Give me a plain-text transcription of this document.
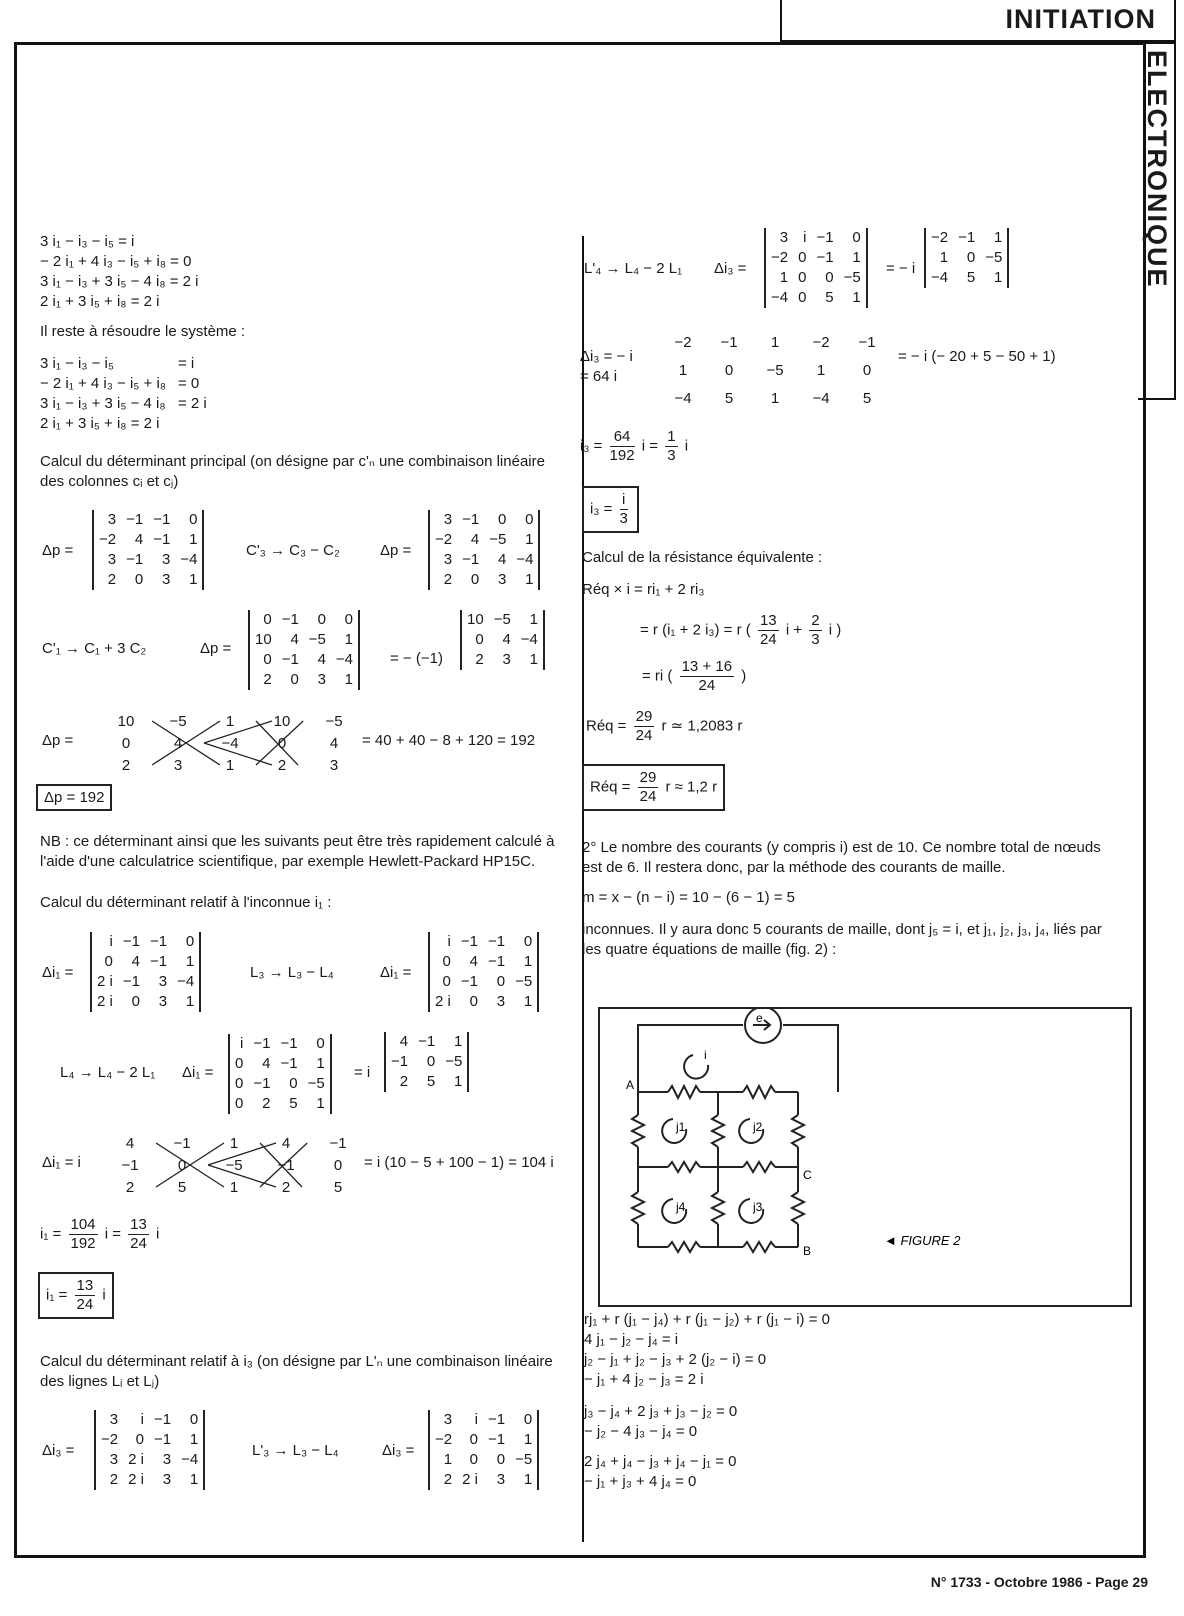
INITIATION
ELECTRONIQUE
N° 1733 - Octobre 1986 - Page 29
3 i₁ − i₃ − i₅ = i
− 2 i₁ + 4 i₃ − i₅ + i₈ = 0
3 i₁ − i₃ + 3 i₅ − 4 i₈ = 2 i
2 i₁ + 3 i₅ + i₈ = 2 i
Il reste à résoudre le système :
3 i₁ − i₃ − i₅	= i
− 2 i₁ + 4 i₃ − i₅ + i₈ = 0
3 i₁ − i₃ + 3 i₅ − 4 i₈ = 2 i
2 i₁ + 3 i₅ + i₈ = 2 i
Calcul du déterminant principal (on désigne par c'ₙ une combinaison linéaire
des colonnes cᵢ et cⱼ)
Δp =
3	−1	−1	0
−2	4	−1	1
3	−1	3	−4
2	0	3	1
C'₃ → C₃ − C₂	Δp =
3	−1	0	0
−2	4	−5	1
3	−1	4	−4
2	0	3	1
C'₁ → C₁ + 3 C₂	Δp =
0	−1	0	0
10	4	−5	1
0	−1	4	−4
2	0	3	1
= − (−1)
10	−5	1
0	4	−4
2	3	1
Δp =
10 −5	1	10 −5
0	4	−4	0	4
2	3	1	2	3
= 40 + 40 − 8 + 120 = 192
Δp = 192
NB : ce déterminant ainsi que les suivants peut être très rapidement calculé à
l'aide d'une calculatrice scientifique, par exemple Hewlett-Packard HP15C.
Calcul du déterminant relatif à l'inconnue i₁ :
Δi₁ =
i	−1	−1	0
0	4	−1	1
2 i	−1	3	−4
2 i	0	3	1
L₃ → L₃ − L₄	Δi₁ =
i	−1	−1	0
0	4	−1	1
0	−1	0	−5
2 i	0	3	1
L₄ → L₄ − 2 L₁ Δi₁ =
i	−1	−1	0
0	4	−1	1
0	−1	0	−5
0	2	5	1
= i
4	−1	1
−1	0	−5
2	5	1
Δi₁ = i
4	−1	1	4	−1
−1	0	−5 −1	0
2	5	1	2	5
= i (10 − 5 + 100 − 1) = 104 i
$i_1 = \frac{104}{192}$ $i = \frac{13}{24}$ i
$i_1 = \frac{13}{24}$ i
Calcul du déterminant relatif à i₃ (on désigne par L'ₙ une combinaison linéaire
des lignes Lᵢ et Lⱼ)
Δi₃ =
3	i	−1	0
−2	0	−1	1
3	2 i	3	−4
2	2 i	3	1
L'₃ → L₃ − L₄	Δi₃ =
3	i	−1	0
−2	0	−1	1
1	0	0	−5
2	2 i	3	1
L'₄ → L₄ − 2 L₁ Δi₃ =
3	i	−1	0
−2	0	−1	1
1	0	0	−5
−4	0	5	1
= − i
−2	−1	1
1	0	−5
−4	5	1
Δi₃ = − i
−2 −1 1 −2 −1
1	0 −5 1	0
−4 5	1 −4 5
= − i (− 20 + 5 − 50 + 1)
= 64 i
$i_3 = \frac{64}{192}$ $i = \frac{1}{3}$ i
$i_3 = \frac{i}{3}$
Calcul de la résistance équivalente :
Réq × i = ri₁ + 2 ri₃
= r (i₁ + 2 i₃) = r ( $\frac{13}{24}$ $i + \frac{2}{3}$ i )
= ri ( $\frac{13 + 16}{24}$ )
Réq = $\frac{29}{24}$ r ≃ 1,2083 r
Réq = $\frac{29}{24}$ r ≈ 1,2 r
2° Le nombre des courants (y compris i) est de 10. Ce nombre total de nœuds
est de 6. Il restera donc, par la méthode des courants de maille.
m = x − (n − i) = 10 − (6 − 1) = 5
inconnues. Il y aura donc 5 courants de maille, dont j₅ = i, et j₁, j₂, j₃, j₄, liés par
les quatre équations de maille (fig. 2) :
e
i
A
C
B
j1	j2
j4	j3
◄ FIGURE 2
rj₁ + r (j₁ − j₄) + r (j₁ − j₂) + r (j₁ − i) = 0
4 j₁ − j₂ − j₄ = i
j₂ − j₁ + j₂ − j₃ + 2 (j₂ − i) = 0
− j₁ + 4 j₂ − j₃ = 2 i
j₃ − j₄ + 2 j₃ + j₃ − j₂ = 0
− j₂ − 4 j₃ − j₄ = 0
2 j₄ + j₄ − j₃ + j₄ − j₁ = 0
− j₁ + j₃ + 4 j₄ = 0
